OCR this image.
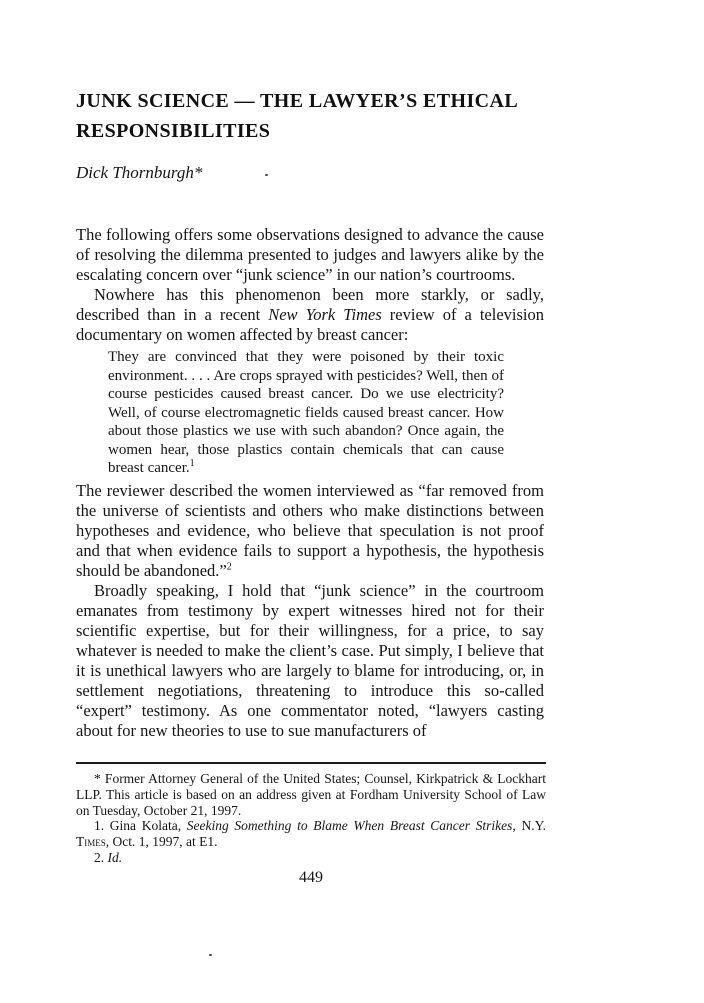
JUNK SCIENCE — THE LAWYER’S ETHICAL
RESPONSIBILITIES

Dick Thornburgh*

The following offers some observations designed to advance the cause of resolving the dilemma presented to judges and lawyers alike by the escalating concern over “junk science” in our nation’s courtrooms.

Nowhere has this phenomenon been more starkly, or sadly, described than in a recent New York Times review of a television documentary on women affected by breast cancer:

They are convinced that they were poisoned by their toxic environment. . . . Are crops sprayed with pesticides? Well, then of course pesticides caused breast cancer. Do we use electricity? Well, of course electromagnetic fields caused breast cancer. How about those plastics we use with such abandon? Once again, the women hear, those plastics contain chemicals that can cause breast cancer.$^1$

The reviewer described the women interviewed as “far removed from the universe of scientists and others who make distinctions between hypotheses and evidence, who believe that speculation is not proof and that when evidence fails to support a hypothesis, the hypothesis should be abandoned.”$^2$

Broadly speaking, I hold that “junk science” in the courtroom emanates from testimony by expert witnesses hired not for their scientific expertise, but for their willingness, for a price, to say whatever is needed to make the client’s case. Put simply, I believe that it is unethical lawyers who are largely to blame for introducing, or, in settlement negotiations, threatening to introduce this so-called “expert” testimony. As one commentator noted, “lawyers casting about for new theories to use to sue manufacturers of

* Former Attorney General of the United States; Counsel, Kirkpatrick & Lockhart LLP. This article is based on an address given at Fordham University School of Law on Tuesday, October 21, 1997.

1. Gina Kolata, Seeking Something to Blame When Breast Cancer Strikes, N.Y. Times, Oct. 1, 1997, at E1.

2. Id.

449
